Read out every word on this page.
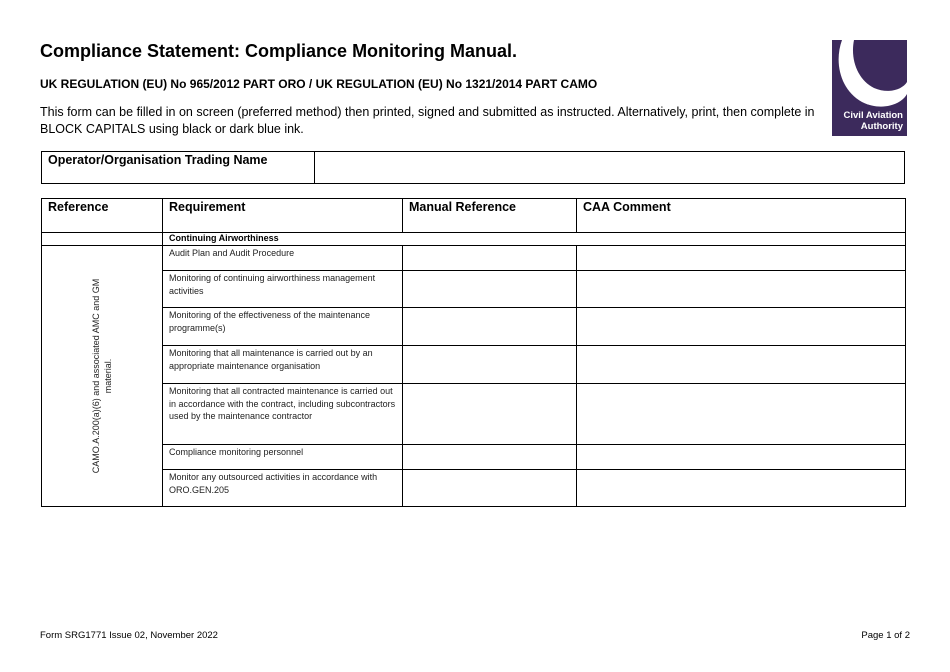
Compliance Statement: Compliance Monitoring Manual.
UK REGULATION (EU) No 965/2012 PART ORO / UK REGULATION (EU) No 1321/2014 PART CAMO
This form can be filled in on screen (preferred method) then printed, signed and submitted as instructed. Alternatively, print, then complete in BLOCK CAPITALS using black or dark blue ink.
Civil Aviation
Authority
Operator/Organisation Trading Name	
Reference	Requirement	Manual Reference	CAA Comment
	Continuing Airworthiness		

CAMO.A.200(a)(6) and associated AMC and GM material.	Audit Plan and Audit Procedure		
	Monitoring of continuing airworthiness management activities		
	Monitoring of the effectiveness of the maintenance programme(s)		
	Monitoring that all maintenance is carried out by an appropriate maintenance organisation		
	Monitoring that all contracted maintenance is carried out in accordance with the contract, including subcontractors used by the maintenance contractor		
	Compliance monitoring personnel		
	Monitor any outsourced activities in accordance with ORO.GEN.205		
Form SRG1771 Issue 02, November 2022	Page 1 of 2
